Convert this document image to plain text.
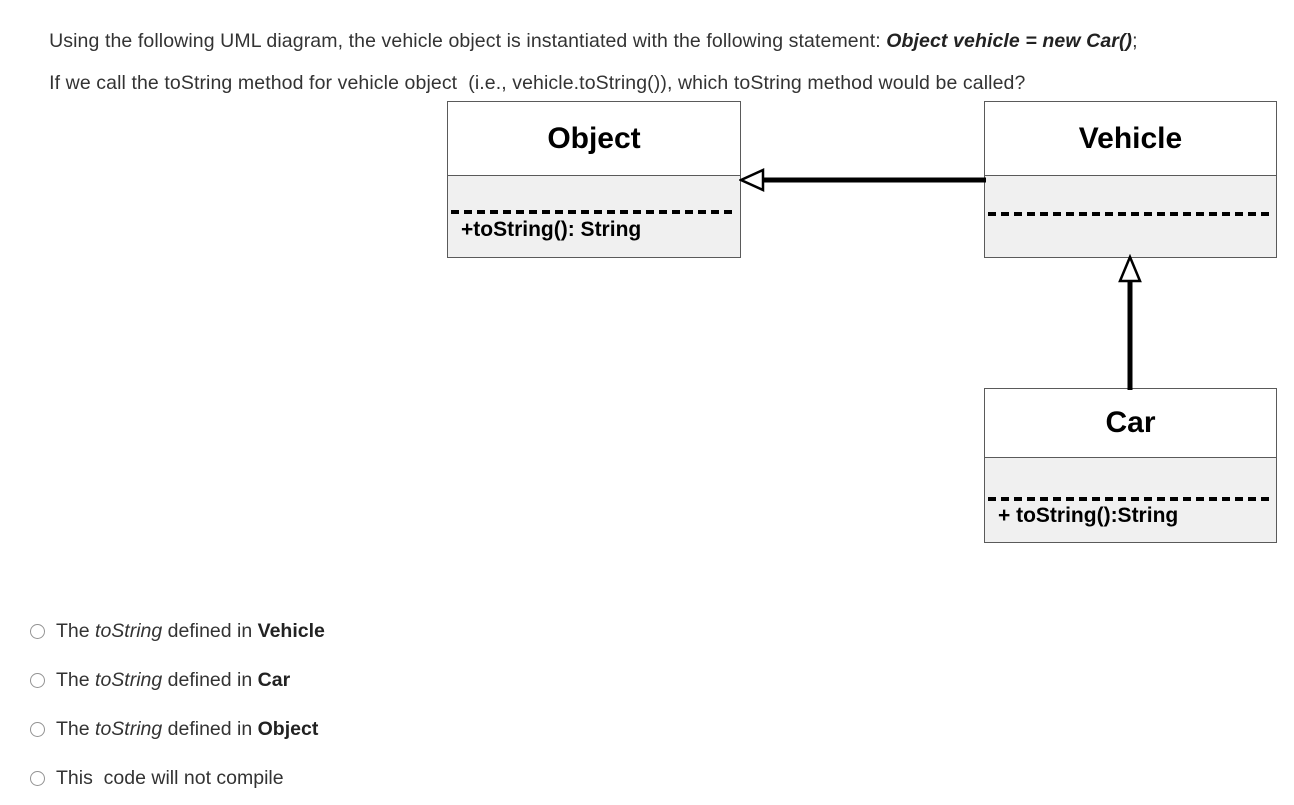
Using the following UML diagram, the vehicle object is instantiated with the following statement: Object vehicle = new Car();

If we call the toString method for vehicle object  (i.e., vehicle.toString()), which toString method would be called?

Object
+toString(): String
Vehicle
Car
+ toString():String
The toString defined in Vehicle
The toString defined in Car
The toString defined in Object
This  code will not compile
